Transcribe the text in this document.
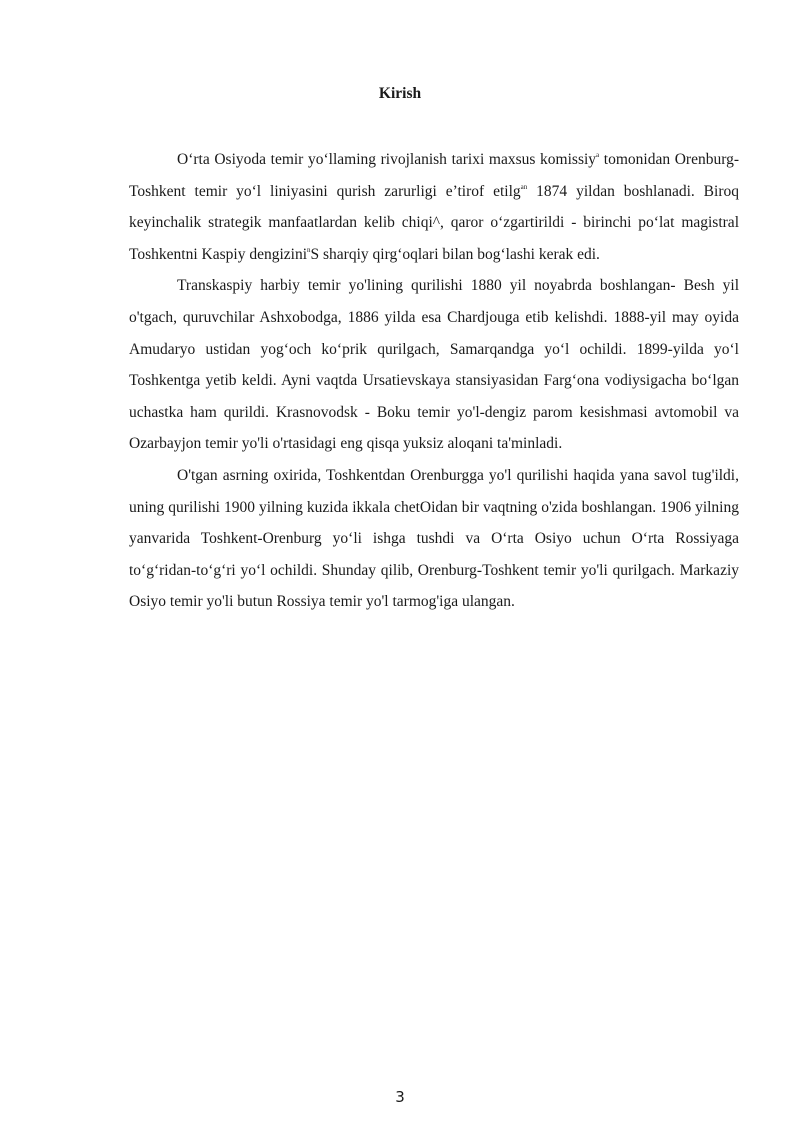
Kirish

O‘rta Osiyoda temir yo‘llaming rivojlanish tarixi maxsus komissiy$^a$ tomonidan Orenburg-Toshkent temir yo‘l liniyasini qurish zarurligi e’tirof etilg$^{an}$ 1874 yildan boshlanadi. Biroq keyinchalik strategik manfaatlardan kelib chiqi^, qaror o‘zgartirildi - birinchi po‘lat magistral Toshkentni Kaspiy dengizini$^n$S sharqiy qirg‘oqlari bilan bog‘lashi kerak edi.

Transkaspiy harbiy temir yo'lining qurilishi 1880 yil noyabrda boshlangan- Besh yil o'tgach, quruvchilar Ashxobodga, 1886 yilda esa Chardjouga etib kelishdi. 1888-yil may oyida Amudaryo ustidan yog‘och ko‘prik qurilgach, Samarqandga yo‘l ochildi. 1899-yilda yo‘l Toshkentga yetib keldi. Ayni vaqtda Ursatievskaya stansiyasidan Farg‘ona vodiysigacha bo‘lgan uchastka ham qurildi. Krasnovodsk - Boku temir yo'l-dengiz parom kesishmasi avtomobil va Ozarbayjon temir yo'li o'rtasidagi eng qisqa yuksiz aloqani ta'minladi.

O'tgan asrning oxirida, Toshkentdan Orenburgga yo'l qurilishi haqida yana savol tug'ildi, uning qurilishi 1900 yilning kuzida ikkala chetOidan bir vaqtning o'zida boshlangan. 1906 yilning yanvarida Toshkent-Orenburg yo‘li ishga tushdi va O‘rta Osiyo uchun O‘rta Rossiyaga to‘g‘ridan-to‘g‘ri yo‘l ochildi. Shunday qilib, Orenburg-Toshkent temir yo'li qurilgach. Markaziy Osiyo temir yo'li butun Rossiya temir yo'l tarmog'iga ulangan.

3
